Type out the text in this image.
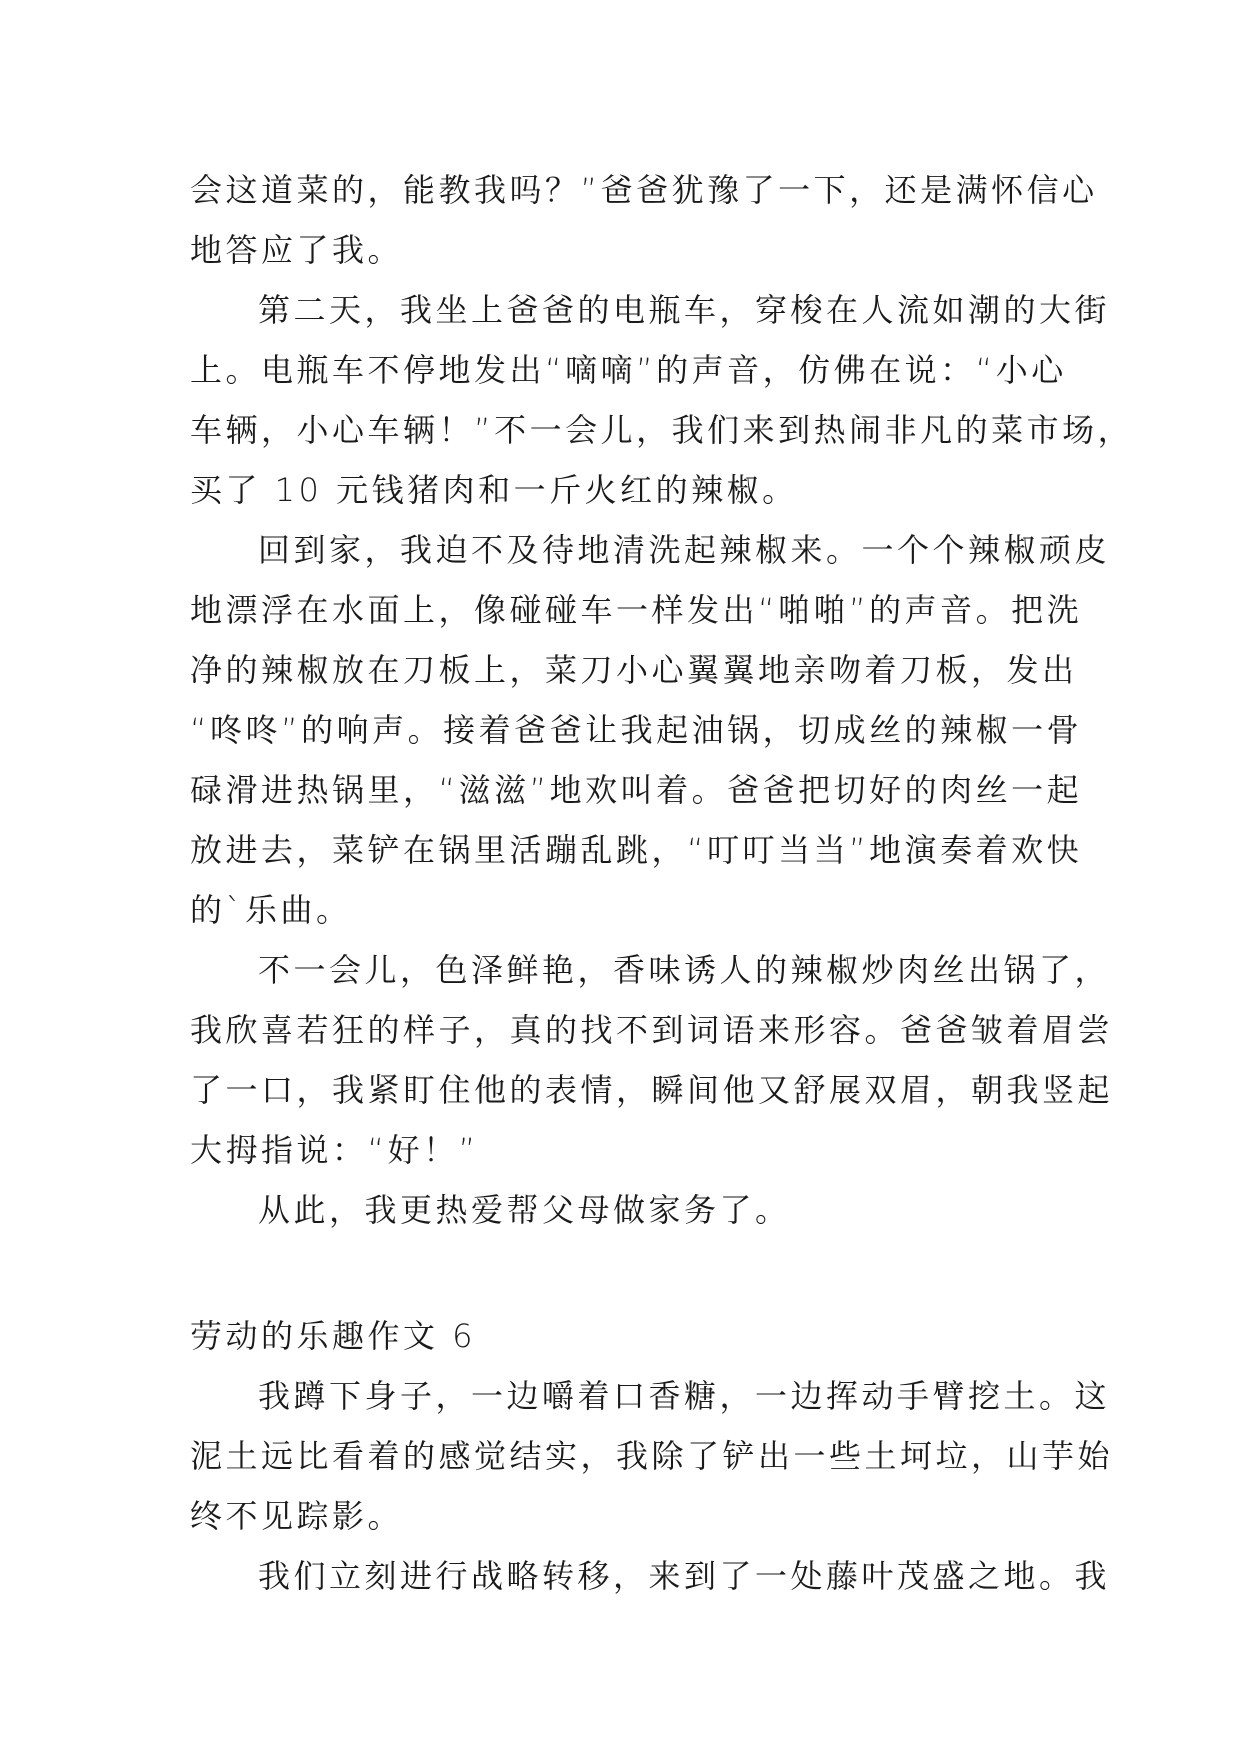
会这道菜的，能教我吗？”爸爸犹豫了一下，还是满怀信心
地答应了我。
第二天，我坐上爸爸的电瓶车，穿梭在人流如潮的大街
上。电瓶车不停地发出“嘀嘀”的声音，仿佛在说：“小心
车辆，小心车辆！”不一会儿，我们来到热闹非凡的菜市场，
买了 10 元钱猪肉和一斤火红的辣椒。
回到家，我迫不及待地清洗起辣椒来。一个个辣椒顽皮
地漂浮在水面上，像碰碰车一样发出“啪啪”的声音。把洗
净的辣椒放在刀板上，菜刀小心翼翼地亲吻着刀板，发出
“咚咚”的响声。接着爸爸让我起油锅，切成丝的辣椒一骨
碌滑进热锅里，“滋滋”地欢叫着。爸爸把切好的肉丝一起
放进去，菜铲在锅里活蹦乱跳，“叮叮当当”地演奏着欢快
的`乐曲。
不一会儿，色泽鲜艳，香味诱人的辣椒炒肉丝出锅了，
我欣喜若狂的样子，真的找不到词语来形容。爸爸皱着眉尝
了一口，我紧盯住他的表情，瞬间他又舒展双眉，朝我竖起
大拇指说：“好！”
从此，我更热爱帮父母做家务了。
劳动的乐趣作文 6
我蹲下身子，一边嚼着口香糖，一边挥动手臂挖土。这
泥土远比看着的感觉结实，我除了铲出一些土坷垃，山芋始
终不见踪影。
我们立刻进行战略转移，来到了一处藤叶茂盛之地。我
